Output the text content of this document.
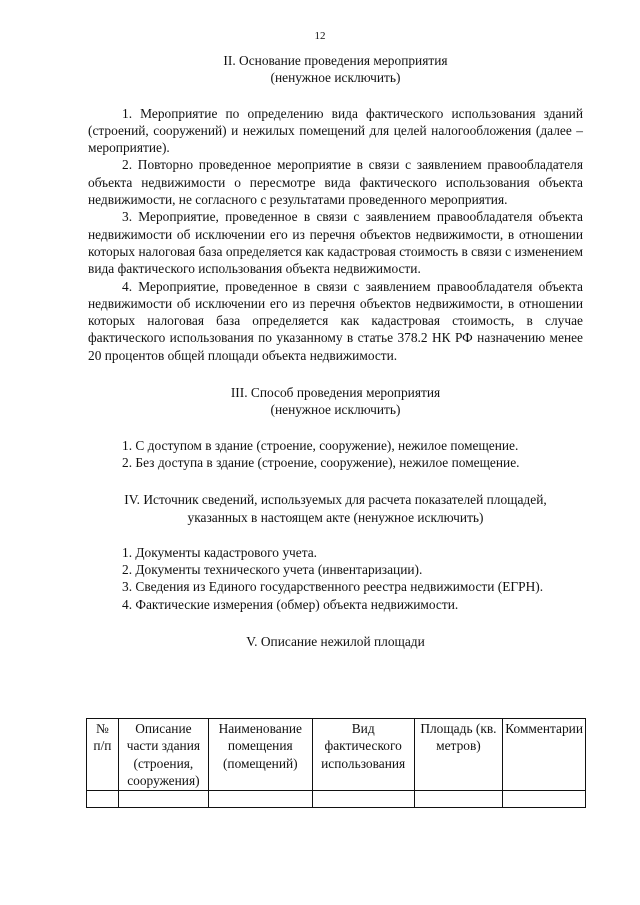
12

II. Основание проведения мероприятия

(ненужное исключить)

1. Мероприятие по определению вида фактического использования зданий (строений, сооружений) и нежилых помещений для целей налогообложения (далее – мероприятие).

2. Повторно проведенное мероприятие в связи с заявлением правообладателя объекта недвижимости о пересмотре вида фактического использования объекта недвижимости, не согласного с результатами проведенного мероприятия.

3. Мероприятие, проведенное в связи с заявлением правообладателя объекта недвижимости об исключении его из перечня объектов недвижимости, в отношении которых налоговая база определяется как кадастровая стоимость в связи с изменением вида фактического использования объекта недвижимости.

4. Мероприятие, проведенное в связи с заявлением правообладателя объекта недвижимости об исключении его из перечня объектов недвижимости, в отношении которых налоговая база определяется как кадастровая стоимость, в случае фактического использования по указанному в статье 378.2 НК РФ назначению менее 20 процентов общей площади объекта недвижимости.

III. Способ проведения мероприятия

(ненужное исключить)

1. С доступом в здание (строение, сооружение), нежилое помещение.

2. Без доступа в здание (строение, сооружение), нежилое помещение.

IV. Источник сведений, используемых для расчета показателей площадей,

указанных в настоящем акте (ненужное исключить)

1. Документы кадастрового учета.

2. Документы технического учета (инвентаризации).

3. Сведения из Единого государственного реестра недвижимости (ЕГРН).

4. Фактические измерения (обмер) объекта недвижимости.

V. Описание нежилой площади

№ п/п	Описание части здания (строения, сооружения)	Наименование помещения (помещений)	Вид фактического использования	Площадь (кв. метров)	Комментарии
